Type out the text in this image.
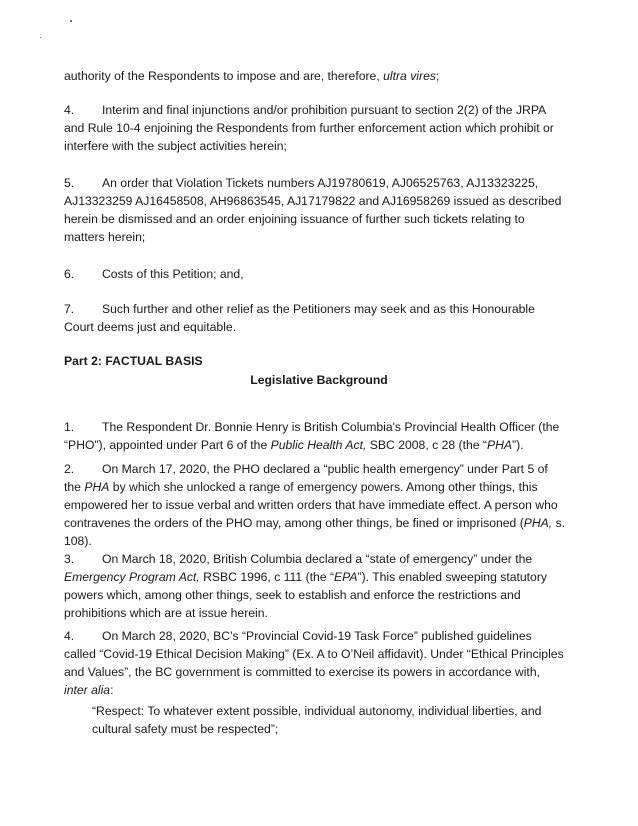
authority of the Respondents to impose and are, therefore, ultra vires;

4. Interim and final injunctions and/or prohibition pursuant to section 2(2) of the JRPA and Rule 10-4 enjoining the Respondents from further enforcement action which prohibit or interfere with the subject activities herein;

5. An order that Violation Tickets numbers AJ19780619, AJ06525763, AJ13323225, AJ13323259 AJ16458508, AH96863545, AJ17179822 and AJ16958269 issued as described herein be dismissed and an order enjoining issuance of further such tickets relating to matters herein;

6. Costs of this Petition; and,

7. Such further and other relief as the Petitioners may seek and as this Honourable Court deems just and equitable.

Part 2: FACTUAL BASIS
Legislative Background

1. The Respondent Dr. Bonnie Henry is British Columbia's Provincial Health Officer (the “PHO”), appointed under Part 6 of the Public Health Act, SBC 2008, c 28 (the “PHA”).

2. On March 17, 2020, the PHO declared a “public health emergency” under Part 5 of the PHA by which she unlocked a range of emergency powers. Among other things, this empowered her to issue verbal and written orders that have immediate effect. A person who contravenes the orders of the PHO may, among other things, be fined or imprisoned (PHA, s. 108).

3. On March 18, 2020, British Columbia declared a “state of emergency” under the Emergency Program Act, RSBC 1996, c 111 (the “EPA”). This enabled sweeping statutory powers which, among other things, seek to establish and enforce the restrictions and prohibitions which are at issue herein.

4. On March 28, 2020, BC’s “Provincial Covid-19 Task Force” published guidelines called “Covid-19 Ethical Decision Making” (Ex. A to O’Neil affidavit). Under “Ethical Principles and Values”, the BC government is committed to exercise its powers in accordance with, inter alia:

“Respect: To whatever extent possible, individual autonomy, individual liberties, and cultural safety must be respected”;
